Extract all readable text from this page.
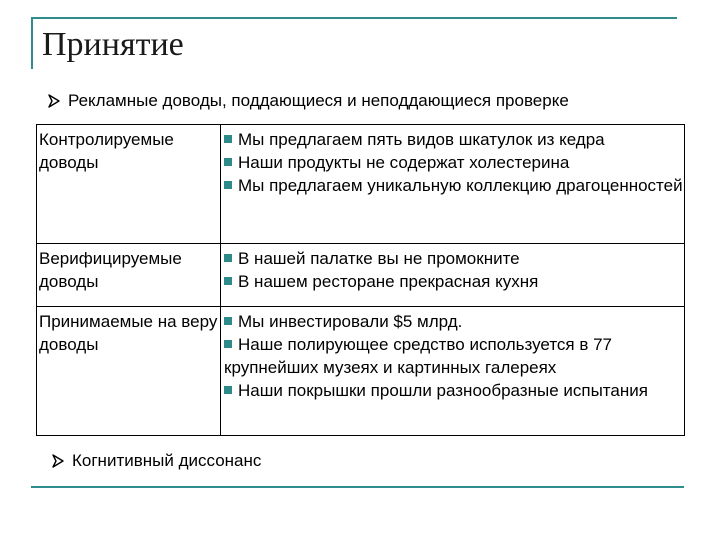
Принятие
Рекламные доводы, поддающиеся и неподдающиеся проверке
Контролируемые доводы	Мы предлагаем пять видов шкатулок из кедра
Наши продукты не содержат холестерина
Мы предлагаем уникальную коллекцию драгоценностей

Верифицируемые доводы	В нашей палатке вы не промокните
В нашем ресторане прекрасная кухня

Принимаемые на веру доводы	Мы инвестировали $5 млрд.
Наше полирующее средство используется в 77 крупнейших музеях и картинных галереях
Наши покрышки прошли разнообразные испытания
Когнитивный диссонанс
